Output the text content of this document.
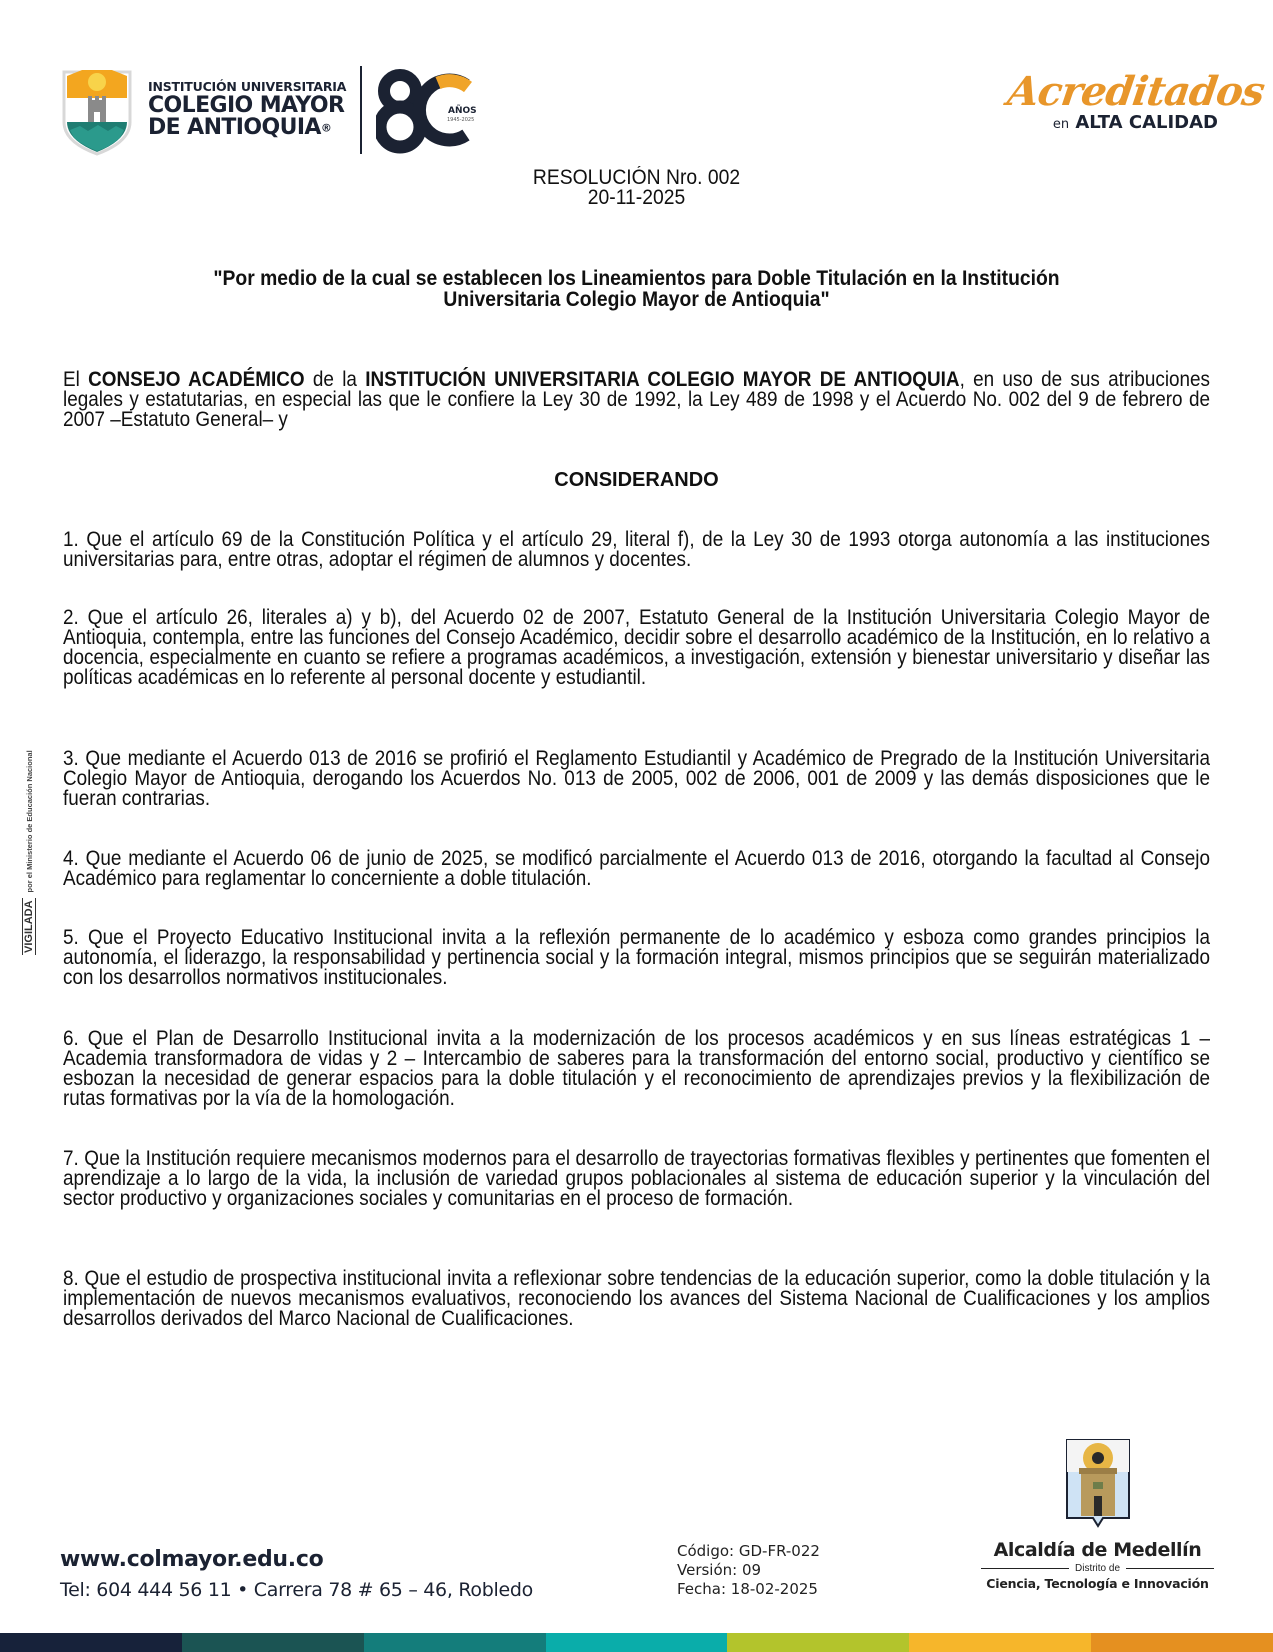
INSTITUCIÓN UNIVERSITARIA
COLEGIO MAYOR
DE ANTIOQUIA®
AÑOS
1945-2025
Acreditados
en ALTA CALIDAD
RESOLUCIÓN Nro. 002
20-11-2025
"Por medio de la cual se establecen los Lineamientos para Doble Titulación en la Institución
Universitaria Colegio Mayor de Antioquia"
El CONSEJO ACADÉMICO de la INSTITUCIÓN UNIVERSITARIA COLEGIO MAYOR DE ANTIOQUIA, en uso de sus atribuciones legales y estatutarias, en especial las que le confiere la Ley 30 de 1992, la Ley 489 de 1998 y el Acuerdo No. 002 del 9 de febrero de 2007 –Estatuto General– y
CONSIDERANDO
1. Que el artículo 69 de la Constitución Política y el artículo 29, literal f), de la Ley 30 de 1993 otorga autonomía a las instituciones universitarias para, entre otras, adoptar el régimen de alumnos y docentes.
2. Que el artículo 26, literales a) y b), del Acuerdo 02 de 2007, Estatuto General de la Institución Universitaria Colegio Mayor de Antioquia, contempla, entre las funciones del Consejo Académico, decidir sobre el desarrollo académico de la Institución, en lo relativo a docencia, especialmente en cuanto se refiere a programas académicos, a investigación, extensión y bienestar universitario y diseñar las políticas académicas en lo referente al personal docente y estudiantil.
3. Que mediante el Acuerdo 013 de 2016 se profirió el Reglamento Estudiantil y Académico de Pregrado de la Institución Universitaria Colegio Mayor de Antioquia, derogando los Acuerdos No. 013 de 2005, 002 de 2006, 001 de 2009 y las demás disposiciones que le fueran contrarias.
4. Que mediante el Acuerdo 06 de junio de 2025, se modificó parcialmente el Acuerdo 013 de 2016, otorgando la facultad al Consejo Académico para reglamentar lo concerniente a doble titulación.
5. Que el Proyecto Educativo Institucional invita a la reflexión permanente de lo académico y esboza como grandes principios la autonomía, el liderazgo, la responsabilidad y pertinencia social y la formación integral, mismos principios que se seguirán materializado con los desarrollos normativos institucionales.
6. Que el Plan de Desarrollo Institucional invita a la modernización de los procesos académicos y en sus líneas estratégicas 1 – Academia transformadora de vidas y 2 – Intercambio de saberes para la transformación del entorno social, productivo y científico se esbozan la necesidad de generar espacios para la doble titulación y el reconocimiento de aprendizajes previos y la flexibilización de rutas formativas por la vía de la homologación.
7. Que la Institución requiere mecanismos modernos para el desarrollo de trayectorias formativas flexibles y pertinentes que fomenten el aprendizaje a lo largo de la vida, la inclusión de variedad grupos poblacionales al sistema de educación superior y la vinculación del sector productivo y organizaciones sociales y comunitarias en el proceso de formación.
8. Que el estudio de prospectiva institucional invita a reflexionar sobre tendencias de la educación superior, como la doble titulación y la implementación de nuevos mecanismos evaluativos, reconociendo los avances del Sistema Nacional de Cualificaciones y los amplios desarrollos derivados del Marco Nacional de Cualificaciones.
VIGILADA
por el Ministerio de Educación Nacional
www.colmayor.edu.co
Tel: 604 444 56 11 • Carrera 78 # 65 – 46, Robledo
Código: GD-FR-022
Versión: 09
Fecha: 18-02-2025
Alcaldía de Medellín
Distrito de
Ciencia, Tecnología e Innovación
